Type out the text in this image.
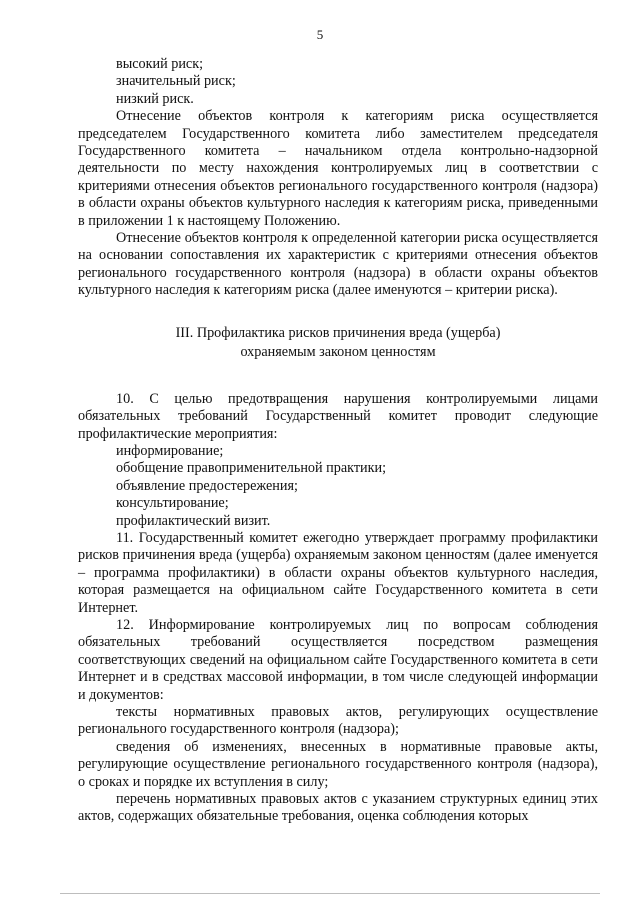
5

высокий риск;

значительный риск;

низкий риск.

Отнесение объектов контроля к категориям риска осуществляется председателем Государственного комитета либо заместителем председателя Государственного комитета – начальником отдела контрольно-надзорной деятельности по месту нахождения контролируемых лиц в соответствии с критериями отнесения объектов регионального государственного контроля (надзора) в области охраны объектов культурного наследия к категориям риска, приведенными в приложении 1 к настоящему Положению.

Отнесение объектов контроля к определенной категории риска осуществляется на основании сопоставления их характеристик с критериями отнесения объектов регионального государственного контроля (надзора) в области охраны объектов культурного наследия к категориям риска (далее именуются – критерии риска).

III. Профилактика рисков причинения вреда (ущерба)
охраняемым законом ценностям

10. С целью предотвращения нарушения контролируемыми лицами обязательных требований Государственный комитет проводит следующие профилактические мероприятия:

информирование;

обобщение правоприменительной практики;

объявление предостережения;

консультирование;

профилактический визит.

11. Государственный комитет ежегодно утверждает программу профилактики рисков причинения вреда (ущерба) охраняемым законом ценностям (далее именуется – программа профилактики) в области охраны объектов культурного наследия, которая размещается на официальном сайте Государственного комитета в сети Интернет.

12. Информирование контролируемых лиц по вопросам соблюдения обязательных требований осуществляется посредством размещения соответствующих сведений на официальном сайте Государственного комитета в сети Интернет и в средствах массовой информации, в том числе следующей информации и документов:

тексты нормативных правовых актов, регулирующих осуществление регионального государственного контроля (надзора);

сведения об изменениях, внесенных в нормативные правовые акты, регулирующие осуществление регионального государственного контроля (надзора), о сроках и порядке их вступления в силу;

перечень нормативных правовых актов с указанием структурных единиц этих актов, содержащих обязательные требования, оценка соблюдения которых
